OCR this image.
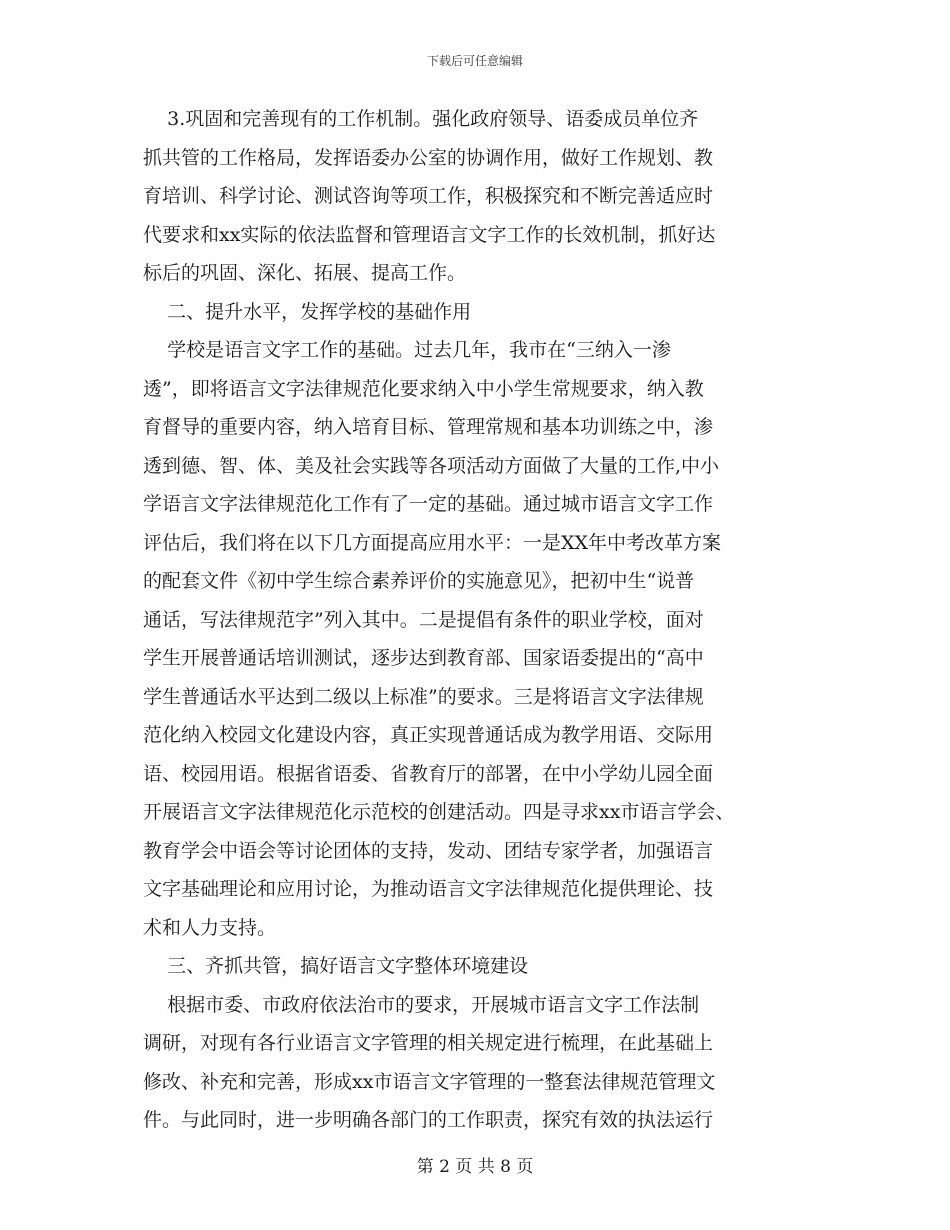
下载后可任意编辑
3.巩固和完善现有的工作机制。强化政府领导、语委成员单位齐
抓共管的工作格局，发挥语委办公室的协调作用，做好工作规划、教
育培训、科学讨论、测试咨询等项工作，积极探究和不断完善适应时
代要求和xx实际的依法监督和管理语言文字工作的长效机制，抓好达
标后的巩固、深化、拓展、提高工作。
二、提升水平，发挥学校的基础作用
学校是语言文字工作的基础。过去几年，我市在“三纳入一渗
透”，即将语言文字法律规范化要求纳入中小学生常规要求，纳入教
育督导的重要内容，纳入培育目标、管理常规和基本功训练之中，渗
透到德、智、体、美及社会实践等各项活动方面做了大量的工作,中小
学语言文字法律规范化工作有了一定的基础。通过城市语言文字工作
评估后，我们将在以下几方面提高应用水平：一是XX年中考改革方案
的配套文件《初中学生综合素养评价的实施意见》，把初中生“说普
通话，写法律规范字”列入其中。二是提倡有条件的职业学校，面对
学生开展普通话培训测试，逐步达到教育部、国家语委提出的“高中
学生普通话水平达到二级以上标准”的要求。三是将语言文字法律规
范化纳入校园文化建设内容，真正实现普通话成为教学用语、交际用
语、校园用语。根据省语委、省教育厅的部署，在中小学幼儿园全面
开展语言文字法律规范化示范校的创建活动。四是寻求xx市语言学会、
教育学会中语会等讨论团体的支持，发动、团结专家学者，加强语言
文字基础理论和应用讨论，为推动语言文字法律规范化提供理论、技
术和人力支持。
三、齐抓共管，搞好语言文字整体环境建设
根据市委、市政府依法治市的要求，开展城市语言文字工作法制
调研，对现有各行业语言文字管理的相关规定进行梳理，在此基础上
修改、补充和完善，形成xx市语言文字管理的一整套法律规范管理文
件。与此同时，进一步明确各部门的工作职责，探究有效的执法运行
第 2 页 共 8 页
